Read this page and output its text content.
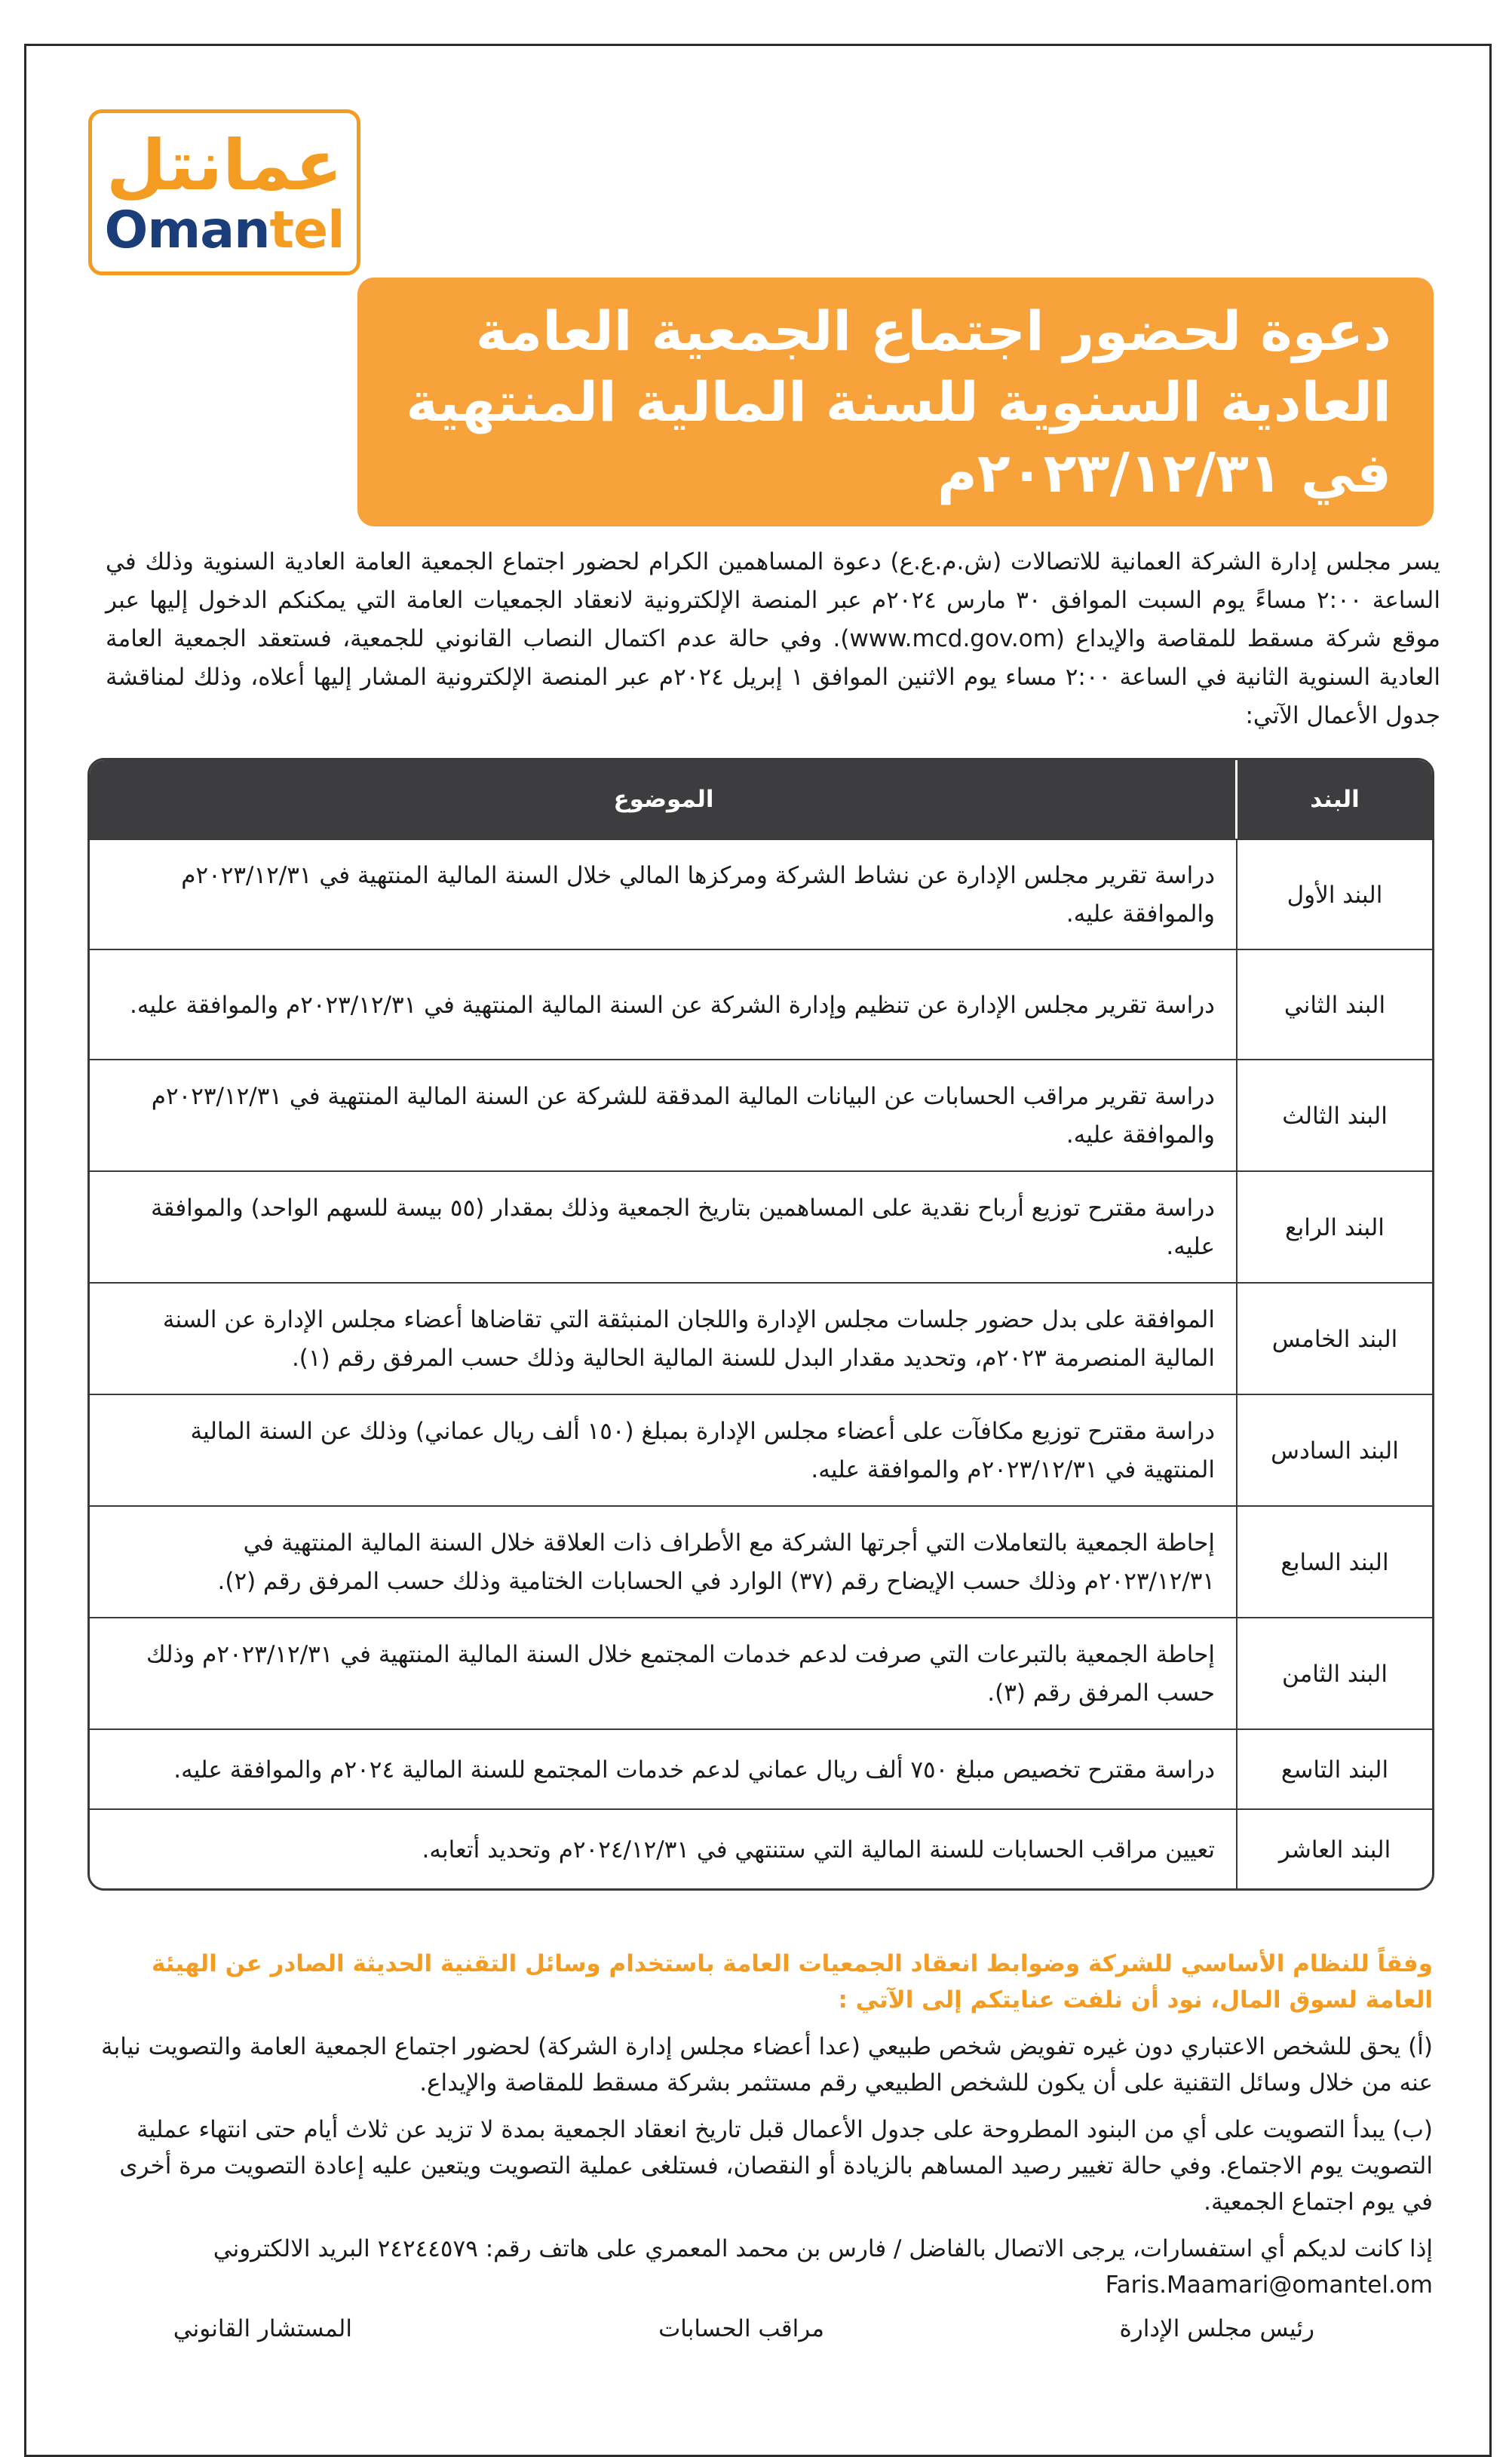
عمانتل
Omantel

دعوة لحضور اجتماع الجمعية العامة

العادية السنوية للسنة المالية المنتهية

في ٢٠٢٣/١٢/٣١م

يسر مجلس إدارة الشركة العمانية للاتصالات (ش.م.ع.ع) دعوة المساهمين الكرام لحضور اجتماع الجمعية العامة العادية السنوية وذلك في الساعة ٢:٠٠ مساءً يوم السبت الموافق ٣٠ مارس ٢٠٢٤م عبر المنصة الإلكترونية لانعقاد الجمعيات العامة التي يمكنكم الدخول إليها عبر موقع شركة مسقط للمقاصة والإيداع (www.mcd.gov.om). وفي حالة عدم اكتمال النصاب القانوني للجمعية، فستعقد الجمعية العامة العادية السنوية الثانية في الساعة ٢:٠٠ مساء يوم الاثنين الموافق ١ إبريل ٢٠٢٤م عبر المنصة الإلكترونية المشار إليها أعلاه، وذلك لمناقشة جدول الأعمال الآتي:

البند
الموضوع
البند الأول
دراسة تقرير مجلس الإدارة عن نشاط الشركة ومركزها المالي خلال السنة المالية المنتهية في ٢٠٢٣/١٢/٣١م والموافقة عليه.
البند الثاني
دراسة تقرير مجلس الإدارة عن تنظيم وإدارة الشركة عن السنة المالية المنتهية في ٢٠٢٣/١٢/٣١م والموافقة عليه.
البند الثالث
دراسة تقرير مراقب الحسابات عن البيانات المالية المدققة للشركة عن السنة المالية المنتهية في ٢٠٢٣/١٢/٣١م والموافقة عليه.
البند الرابع
دراسة مقترح توزيع أرباح نقدية على المساهمين بتاريخ الجمعية وذلك بمقدار (٥٥ بيسة للسهم الواحد) والموافقة عليه.
البند الخامس
الموافقة على بدل حضور جلسات مجلس الإدارة واللجان المنبثقة التي تقاضاها أعضاء مجلس الإدارة عن السنة المالية المنصرمة ٢٠٢٣م، وتحديد مقدار البدل للسنة المالية الحالية وذلك حسب المرفق رقم (١).
البند السادس
دراسة مقترح توزيع مكافآت على أعضاء مجلس الإدارة بمبلغ (١٥٠ ألف ريال عماني) وذلك عن السنة المالية المنتهية في ٢٠٢٣/١٢/٣١م والموافقة عليه.
البند السابع
إحاطة الجمعية بالتعاملات التي أجرتها الشركة مع الأطراف ذات العلاقة خلال السنة المالية المنتهية في ٢٠٢٣/١٢/٣١م وذلك حسب الإيضاح رقم (٣٧) الوارد في الحسابات الختامية وذلك حسب المرفق رقم (٢).
البند الثامن
إحاطة الجمعية بالتبرعات التي صرفت لدعم خدمات المجتمع خلال السنة المالية المنتهية في ٢٠٢٣/١٢/٣١م وذلك حسب المرفق رقم (٣).
البند التاسع
دراسة مقترح تخصيص مبلغ ٧٥٠ ألف ريال عماني لدعم خدمات المجتمع للسنة المالية ٢٠٢٤م والموافقة عليه.
البند العاشر
تعيين مراقب الحسابات للسنة المالية التي ستنتهي في ٢٠٢٤/١٢/٣١م وتحديد أتعابه.

وفقاً للنظام الأساسي للشركة وضوابط انعقاد الجمعيات العامة باستخدام وسائل التقنية الحديثة الصادر عن الهيئة العامة لسوق المال، نود أن نلفت عنايتكم إلى الآتي :

(أ) يحق للشخص الاعتباري دون غيره تفويض شخص طبيعي (عدا أعضاء مجلس إدارة الشركة) لحضور اجتماع الجمعية العامة والتصويت نيابة عنه من خلال وسائل التقنية على أن يكون للشخص الطبيعي رقم مستثمر بشركة مسقط للمقاصة والإيداع.

(ب) يبدأ التصويت على أي من البنود المطروحة على جدول الأعمال قبل تاريخ انعقاد الجمعية بمدة لا تزيد عن ثلاث أيام حتى انتهاء عملية التصويت يوم الاجتماع. وفي حالة تغيير رصيد المساهم بالزيادة أو النقصان، فستلغى عملية التصويت ويتعين عليه إعادة التصويت مرة أخرى في يوم اجتماع الجمعية.

إذا كانت لديكم أي استفسارات، يرجى الاتصال بالفاضل / فارس بن محمد المعمري على هاتف رقم: ٢٤٢٤٤٥٧٩ البريد الالكتروني

Faris.Maamari@omantel.om

رئيس مجلس الإدارة
مراقب الحسابات
المستشار القانوني
